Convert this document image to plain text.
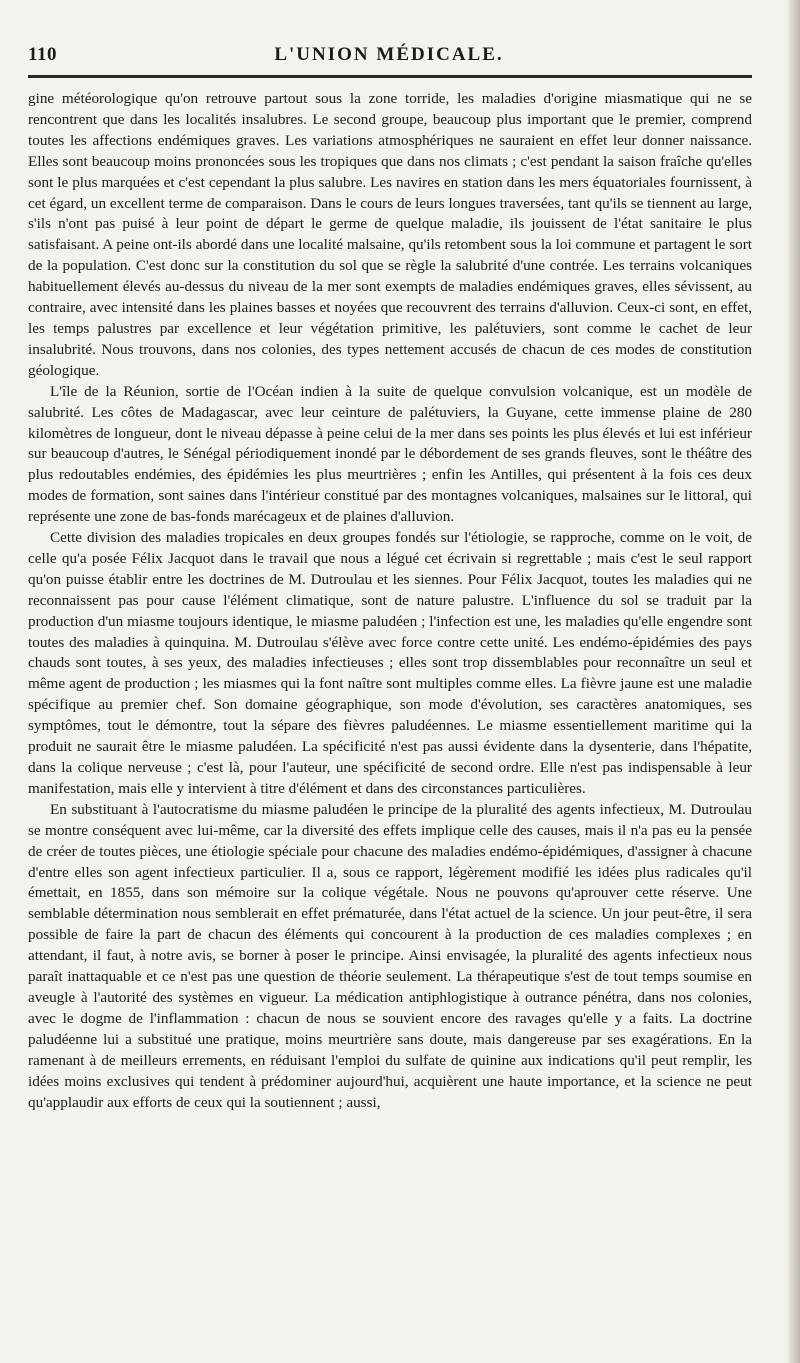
110	L'UNION MÉDICALE.

gine météorologique qu'on retrouve partout sous la zone torride, les maladies d'origine miasmatique qui ne se rencontrent que dans les localités insalubres. Le second groupe, beaucoup plus important que le premier, comprend toutes les affections endémiques graves. Les variations atmosphériques ne sauraient en effet leur donner naissance. Elles sont beaucoup moins prononcées sous les tropiques que dans nos climats ; c'est pendant la saison fraîche qu'elles sont le plus marquées et c'est cependant la plus salubre. Les navires en station dans les mers équatoriales fournissent, à cet égard, un excellent terme de comparaison. Dans le cours de leurs longues traversées, tant qu'ils se tiennent au large, s'ils n'ont pas puisé à leur point de départ le germe de quelque maladie, ils jouissent de l'état sanitaire le plus satisfaisant. A peine ont-ils abordé dans une localité malsaine, qu'ils retombent sous la loi commune et partagent le sort de la population. C'est donc sur la constitution du sol que se règle la salubrité d'une contrée. Les terrains volcaniques habituellement élevés au-dessus du niveau de la mer sont exempts de maladies endémiques graves, elles sévissent, au contraire, avec intensité dans les plaines basses et noyées que recouvrent des terrains d'alluvion. Ceux-ci sont, en effet, les temps palustres par excellence et leur végétation primitive, les palétuviers, sont comme le cachet de leur insalubrité. Nous trouvons, dans nos colonies, des types nettement accusés de chacun de ces modes de constitution géologique.

L'île de la Réunion, sortie de l'Océan indien à la suite de quelque convulsion volcanique, est un modèle de salubrité. Les côtes de Madagascar, avec leur ceinture de palétuviers, la Guyane, cette immense plaine de 280 kilomètres de longueur, dont le niveau dépasse à peine celui de la mer dans ses points les plus élevés et lui est inférieur sur beaucoup d'autres, le Sénégal périodiquement inondé par le débordement de ses grands fleuves, sont le théâtre des plus redoutables endémies, des épidémies les plus meurtrières ; enfin les Antilles, qui présentent à la fois ces deux modes de formation, sont saines dans l'intérieur constitué par des montagnes volcaniques, malsaines sur le littoral, qui représente une zone de bas-fonds marécageux et de plaines d'alluvion.

Cette division des maladies tropicales en deux groupes fondés sur l'étiologie, se rapproche, comme on le voit, de celle qu'a posée Félix Jacquot dans le travail que nous a légué cet écrivain si regrettable ; mais c'est le seul rapport qu'on puisse établir entre les doctrines de M. Dutroulau et les siennes. Pour Félix Jacquot, toutes les maladies qui ne reconnaissent pas pour cause l'élément climatique, sont de nature palustre. L'influence du sol se traduit par la production d'un miasme toujours identique, le miasme paludéen ; l'infection est une, les maladies qu'elle engendre sont toutes des maladies à quinquina. M. Dutroulau s'élève avec force contre cette unité. Les endémo-épidémies des pays chauds sont toutes, à ses yeux, des maladies infectieuses ; elles sont trop dissemblables pour reconnaître un seul et même agent de production ; les miasmes qui la font naître sont multiples comme elles. La fièvre jaune est une maladie spécifique au premier chef. Son domaine géographique, son mode d'évolution, ses caractères anatomiques, ses symptômes, tout le démontre, tout la sépare des fièvres paludéennes. Le miasme essentiellement maritime qui la produit ne saurait être le miasme paludéen. La spécificité n'est pas aussi évidente dans la dysenterie, dans l'hépatite, dans la colique nerveuse ; c'est là, pour l'auteur, une spécificité de second ordre. Elle n'est pas indispensable à leur manifestation, mais elle y intervient à titre d'élément et dans des circonstances particulières.

En substituant à l'autocratisme du miasme paludéen le principe de la pluralité des agents infectieux, M. Dutroulau se montre conséquent avec lui-même, car la diversité des effets implique celle des causes, mais il n'a pas eu la pensée de créer de toutes pièces, une étiologie spéciale pour chacune des maladies endémo-épidémiques, d'assigner à chacune d'entre elles son agent infectieux particulier. Il a, sous ce rapport, légèrement modifié les idées plus radicales qu'il émettait, en 1855, dans son mémoire sur la colique végétale. Nous ne pouvons qu'aprouver cette réserve. Une semblable détermination nous semblerait en effet prématurée, dans l'état actuel de la science. Un jour peut-être, il sera possible de faire la part de chacun des éléments qui concourent à la production de ces maladies complexes ; en attendant, il faut, à notre avis, se borner à poser le principe. Ainsi envisagée, la pluralité des agents infectieux nous paraît inattaquable et ce n'est pas une question de théorie seulement. La thérapeutique s'est de tout temps soumise en aveugle à l'autorité des systèmes en vigueur. La médication antiphlogistique à outrance pénétra, dans nos colonies, avec le dogme de l'inflammation : chacun de nous se souvient encore des ravages qu'elle y a faits. La doctrine paludéenne lui a substitué une pratique, moins meurtrière sans doute, mais dangereuse par ses exagérations. En la ramenant à de meilleurs errements, en réduisant l'emploi du sulfate de quinine aux indications qu'il peut remplir, les idées moins exclusives qui tendent à prédominer aujourd'hui, acquièrent une haute importance, et la science ne peut qu'applaudir aux efforts de ceux qui la soutiennent ; aussi,
